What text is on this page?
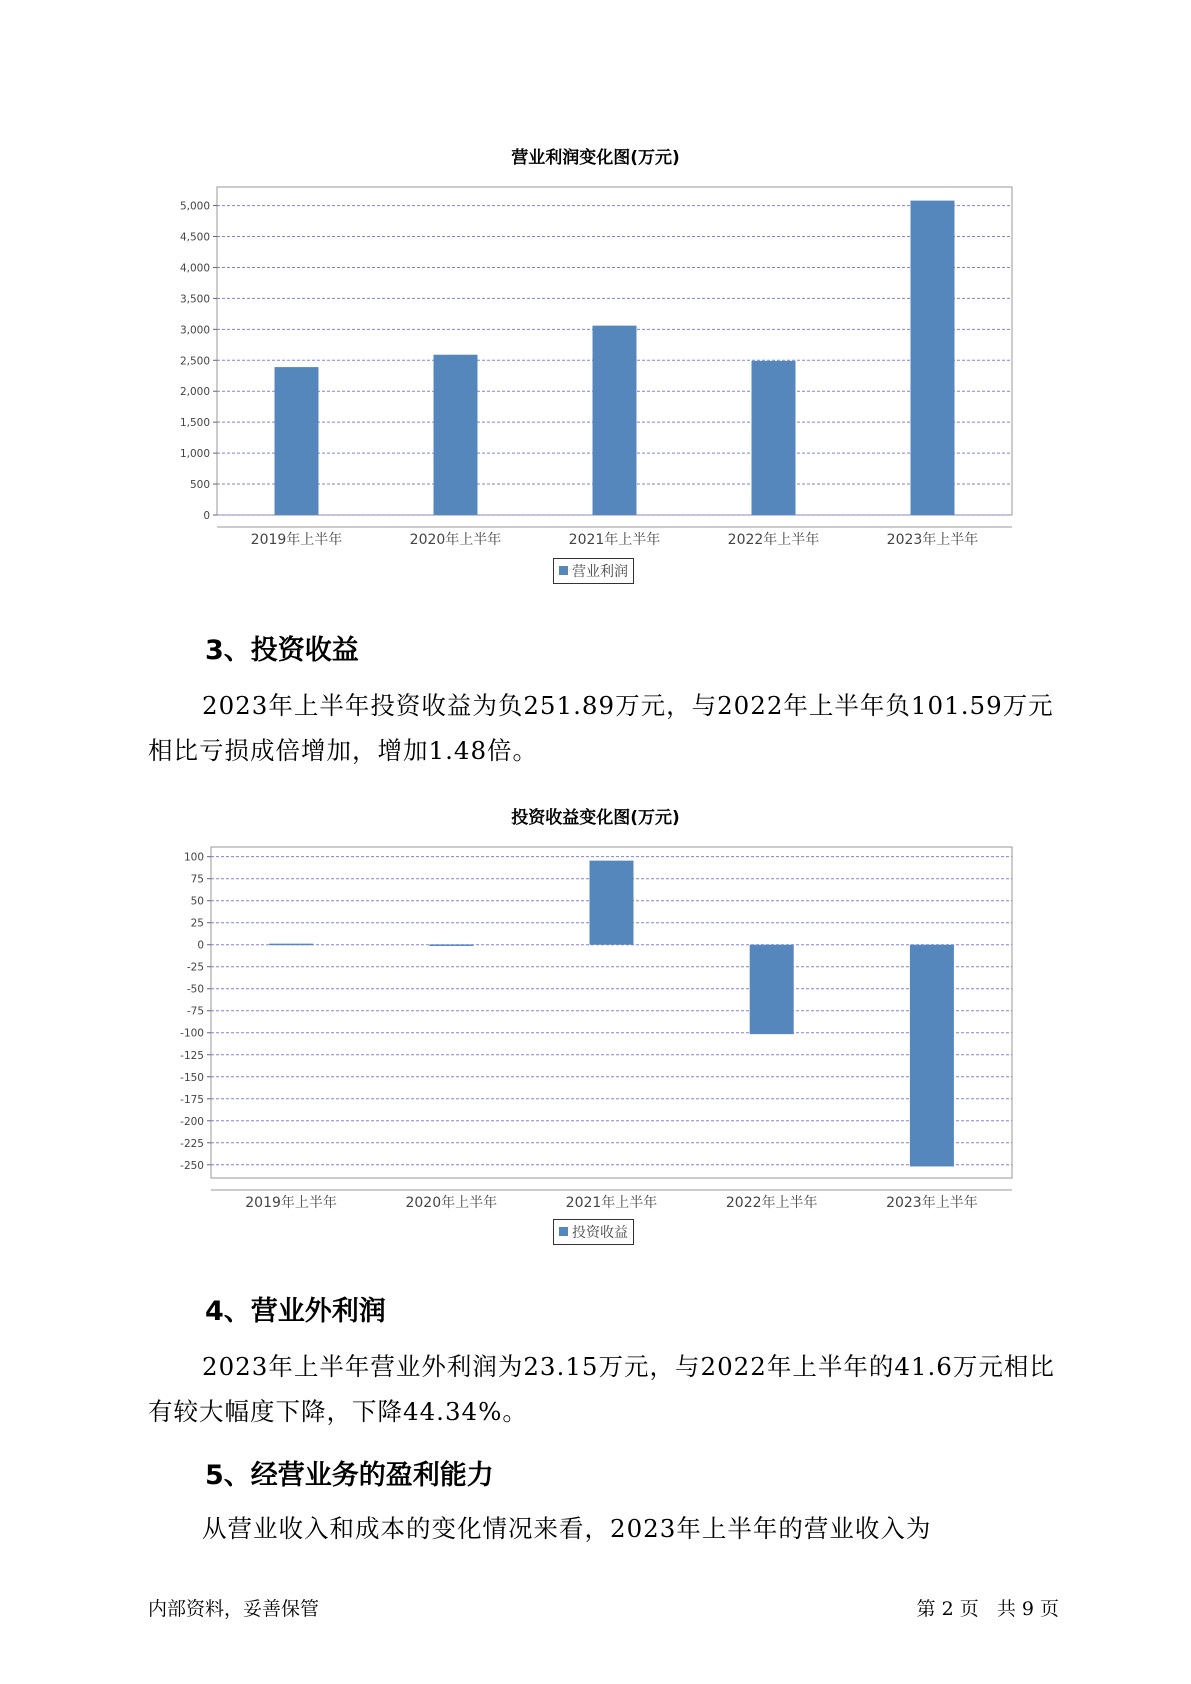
营业利润变化图(万元)
0
500
1,000
1,500
2,000
2,500
3,000
3,500
4,000
4,500
5,000
2019年上半年	2020年上半年	2021年上半年	2022年上半年	2023年上半年
营业利润
3、投资收益

2023年上半年投资收益为负251.89万元，与2022年上半年负101.59万元相比亏损成倍增加，增加1.48倍。

投资收益变化图(万元)
100
75
50
25
0
-25
-50
-75
-100
-125
-150
-175
-200
-225
-250
2019年上半年	2020年上半年	2021年上半年	2022年上半年	2023年上半年
投资收益
4、营业外利润

2023年上半年营业外利润为23.15万元，与2022年上半年的41.6万元相比有较大幅度下降，下降44.34%。

5、经营业务的盈利能力

从营业收入和成本的变化情况来看，2023年上半年的营业收入为

内部资料，妥善保管	第 2 页   共 9 页
